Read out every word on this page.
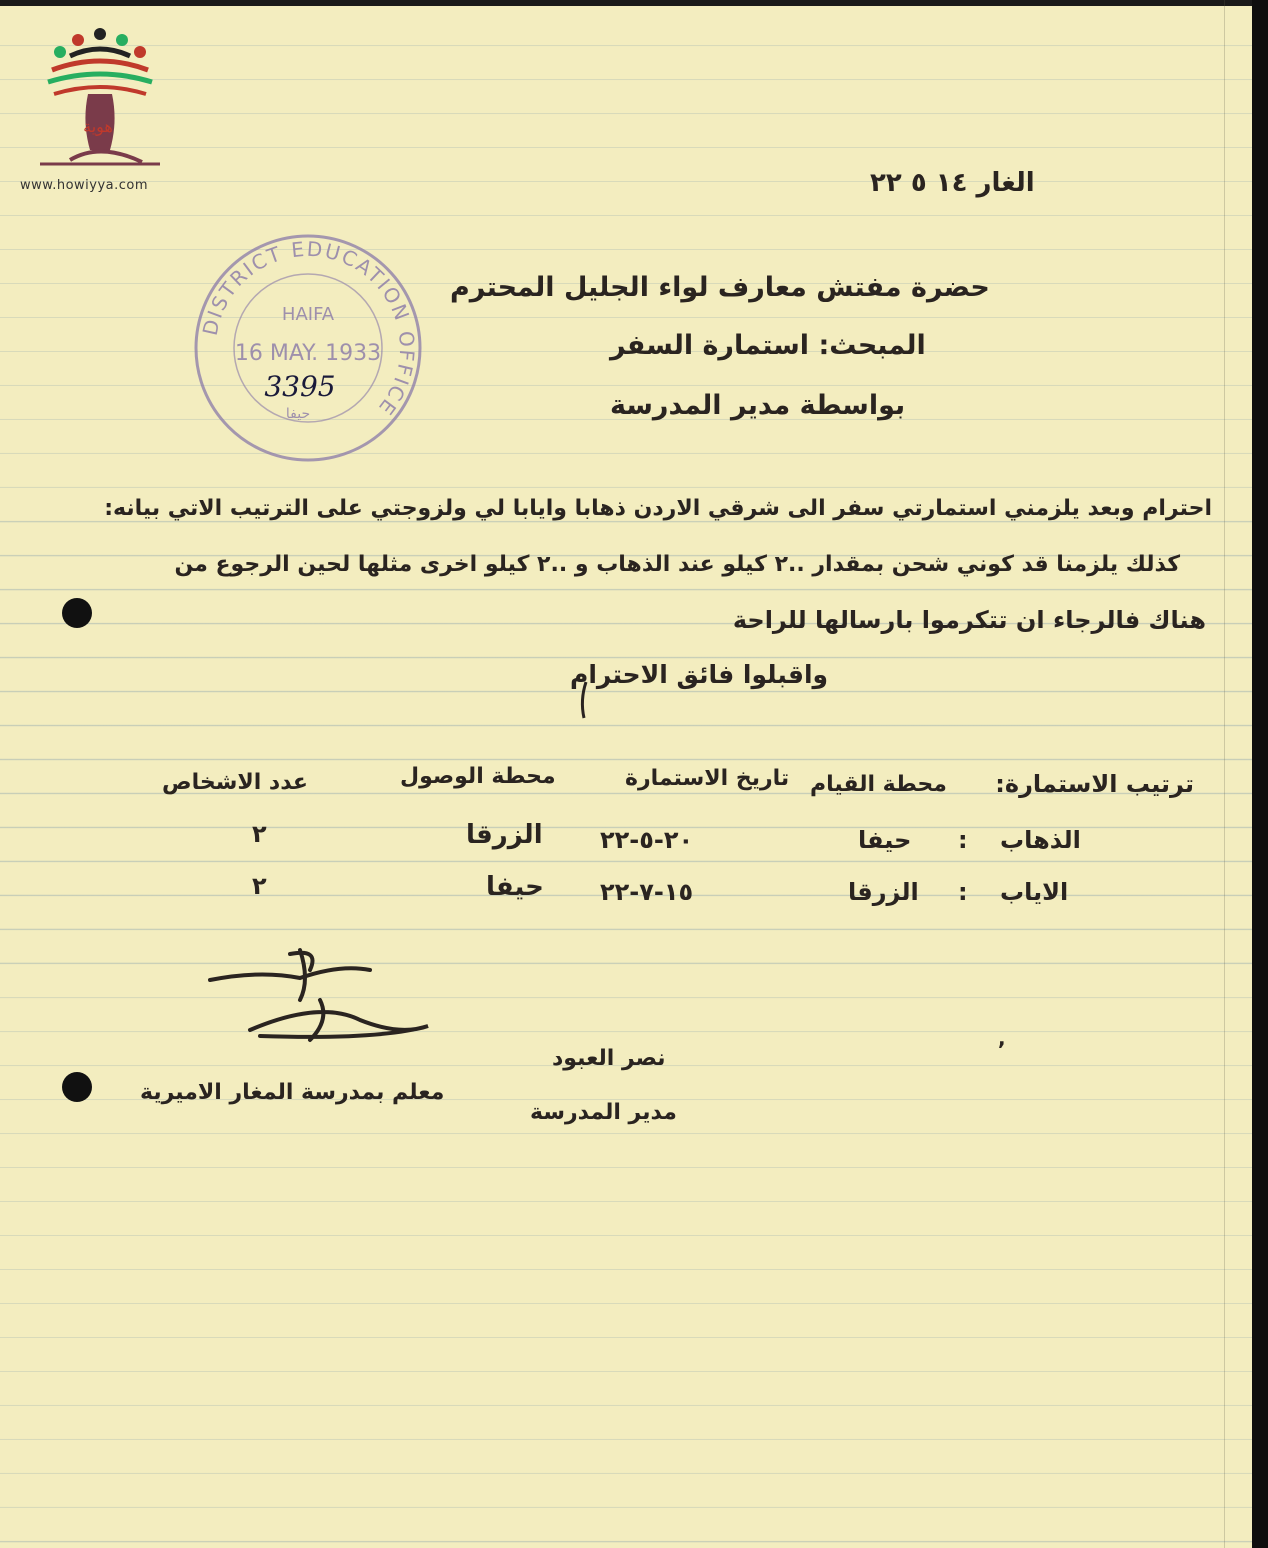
هوية
www.howiyya.com	الغار ١٤ ٥ ٢٢
DISTRICT EDUCATION OFFICE
HAIFA
16 MAY. 1933
3395
حيفا
حضرة مفتش معارف لواء الجليل المحترم
المبحث: استمارة السفر
بواسطة مدير المدرسة
احترام وبعد يلزمني استمارتي سفر الى شرقي الاردن ذهابا وايابا لي ولزوجتي على الترتيب الاتي بيانه:
كذلك يلزمنا قد كوني شحن بمقدار ..٢ كيلو عند الذهاب و ..٢ كيلو اخرى مثلها لحين الرجوع من
هناك فالرجاء ان تتكرموا بارسالها للراحة
واقبلوا فائق الاحترام
ترتيب الاستمارة:
محطة القيام
تاريخ الاستمارة
محطة الوصول
عدد الاشخاص
الذهاب
:
حيفا
٢٠-٥-٢٢
الزرقا
٢
الاياب
:
الزرقا
١٥-٧-٢٢
حيفا
٢
معلم بمدرسة المغار الاميرية
نصر العبود
مدير المدرسة
,
